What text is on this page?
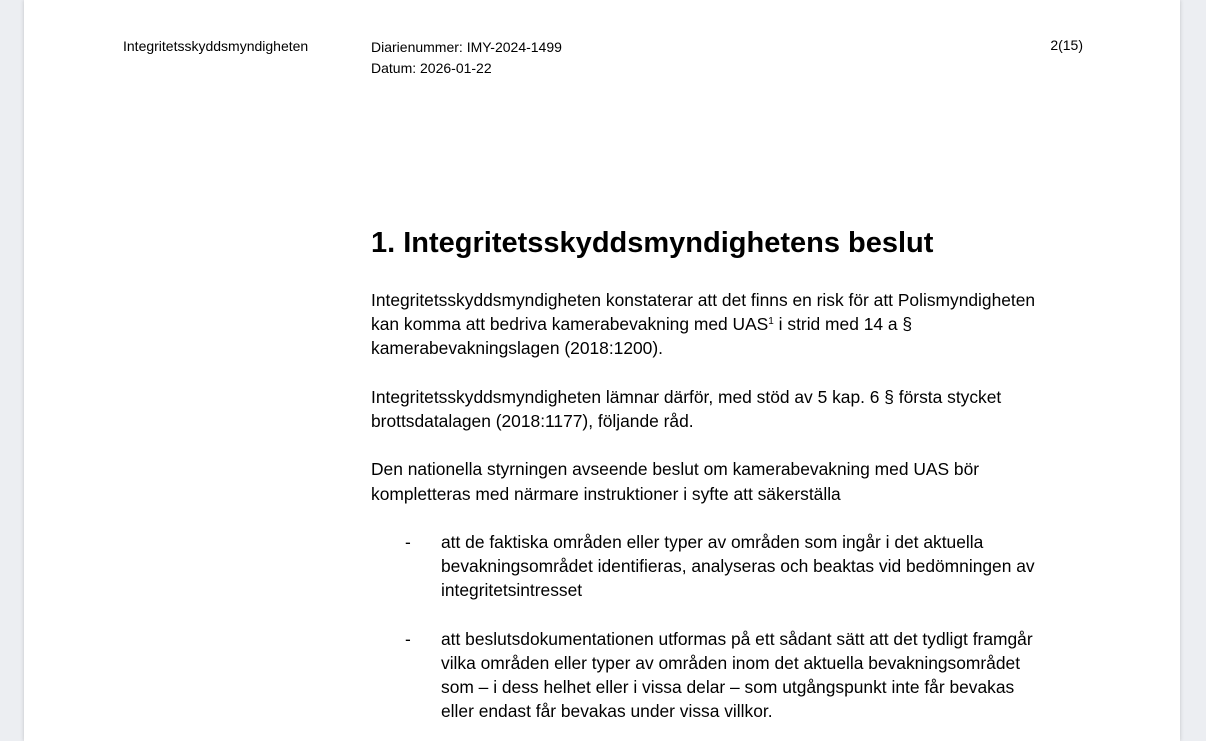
Integritetsskyddsmyndigheten	Diarienummer: IMY-2024-1499
Datum: 2026-01-22
2(15)
1. Integritetsskyddsmyndighetens beslut

Integritetsskyddsmyndigheten konstaterar att det finns en risk för att Polismyndigheten
kan komma att bedriva kamerabevakning med UAS$^1$ i strid med 14 a §
kamerabevakningslagen (2018:1200).

Integritetsskyddsmyndigheten lämnar därför, med stöd av 5 kap. 6 § första stycket
brottsdatalagen (2018:1177), följande råd.

Den nationella styrningen avseende beslut om kamerabevakning med UAS bör
kompletteras med närmare instruktioner i syfte att säkerställa

- att de faktiska områden eller typer av områden som ingår i det aktuella
bevakningsområdet identifieras, analyseras och beaktas vid bedömningen av
integritetsintresset
- att beslutsdokumentationen utformas på ett sådant sätt att det tydligt framgår
vilka områden eller typer av områden inom det aktuella bevakningsområdet
som – i dess helhet eller i vissa delar – som utgångspunkt inte får bevakas
eller endast får bevakas under vissa villkor.
